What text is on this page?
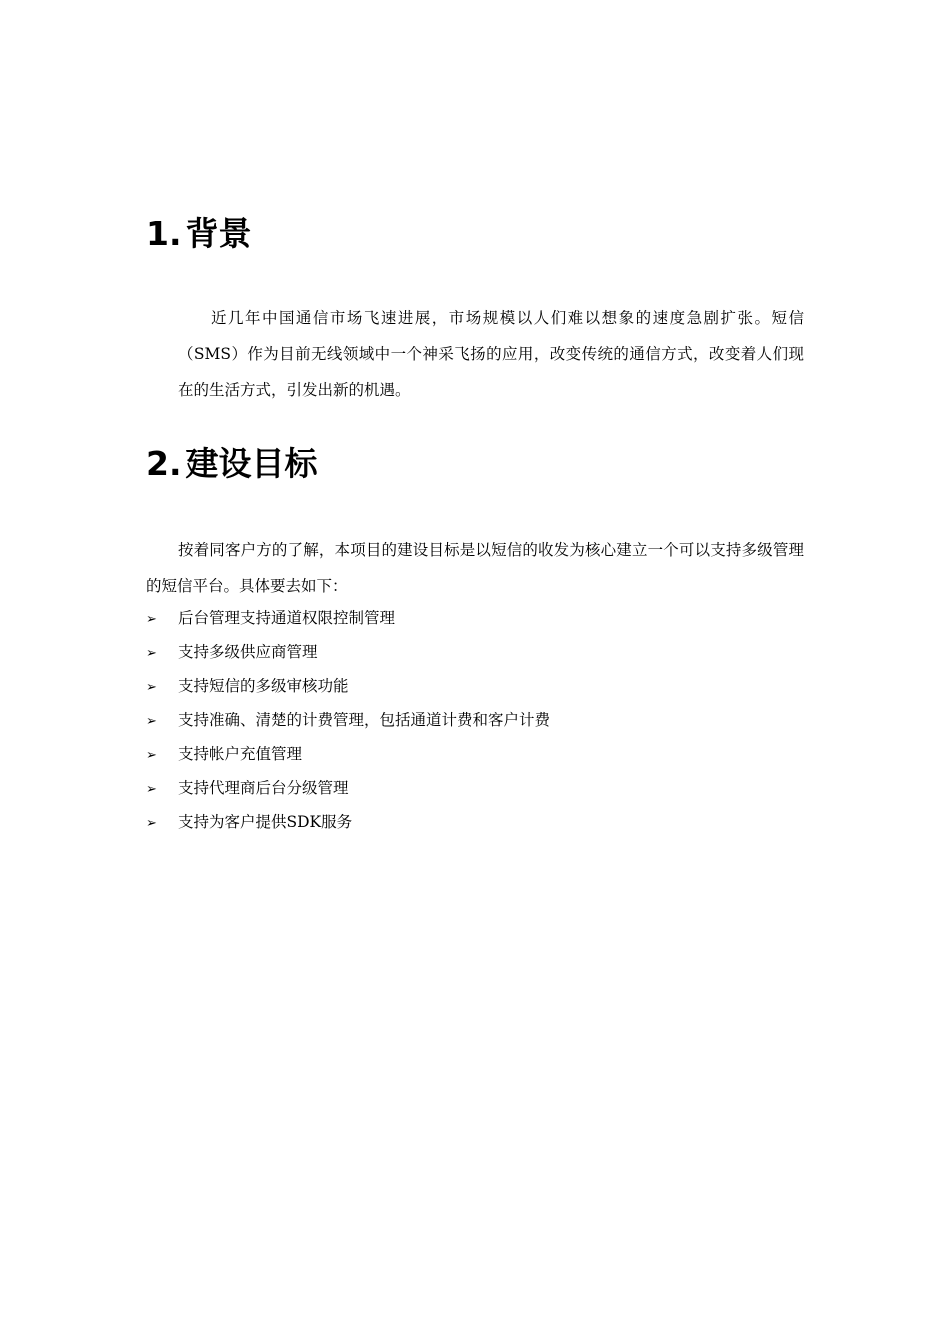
1. 背景

近几年中国通信市场飞速进展，市场规模以人们难以想象的速度急剧扩张。短信（SMS）作为目前无线领域中一个神采飞扬的应用，改变传统的通信方式，改变着人们现在的生活方式，引发出新的机遇。

2. 建设目标

按着同客户方的了解，本项目的建设目标是以短信的收发为核心建立一个可以支持多级管理的短信平台。具体要去如下：

➢ 后台管理支持通道权限控制管理
➢ 支持多级供应商管理
➢ 支持短信的多级审核功能
➢ 支持准确、清楚的计费管理，包括通道计费和客户计费
➢ 支持帐户充值管理
➢ 支持代理商后台分级管理
➢ 支持为客户提供SDK服务
